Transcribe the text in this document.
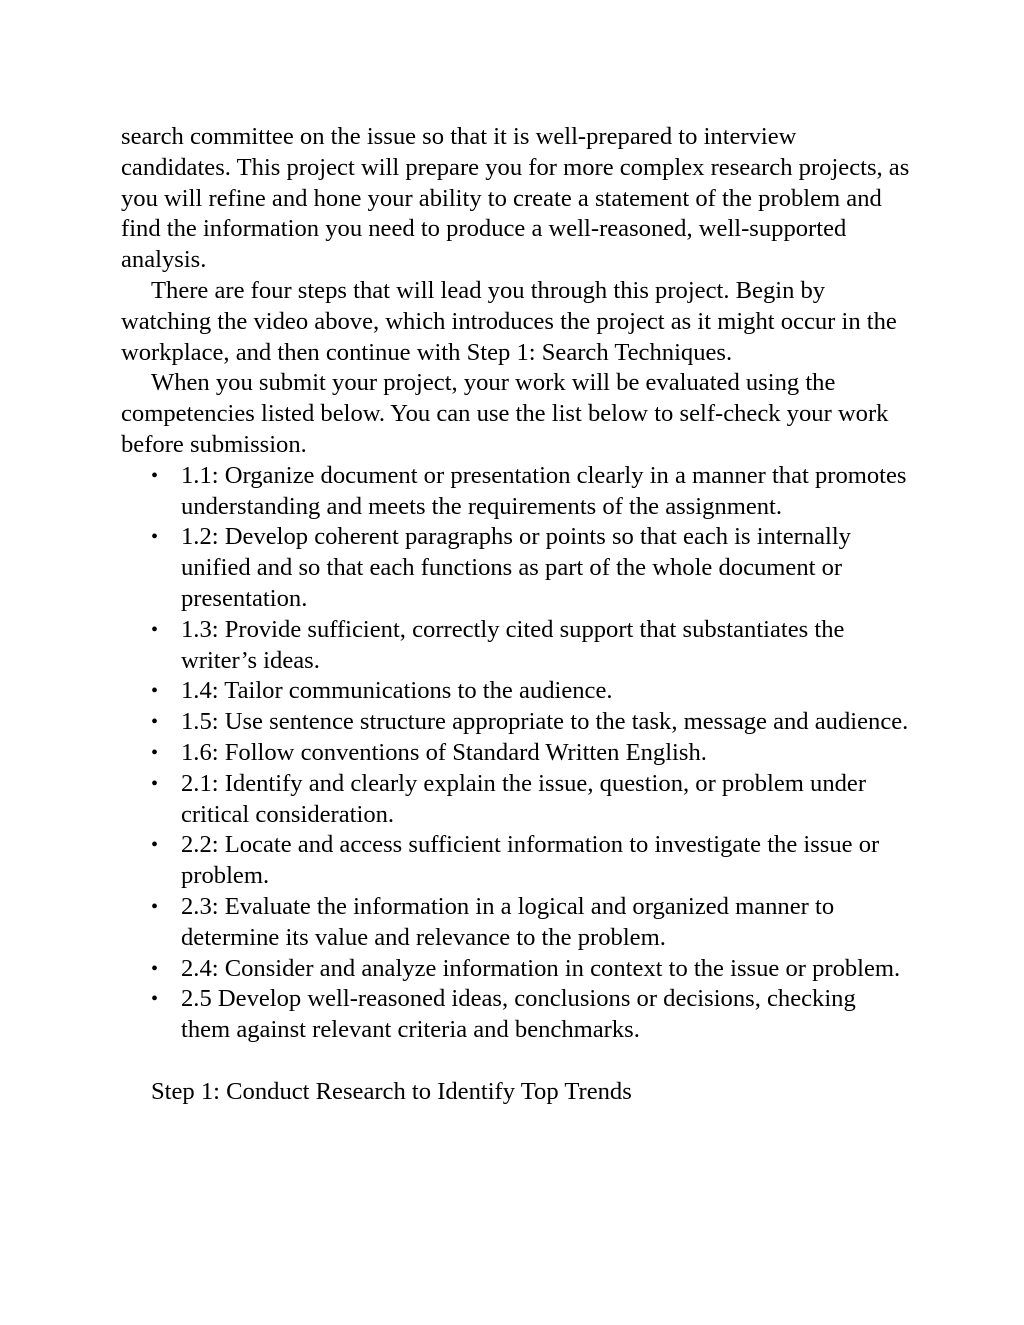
search committee on the issue so that it is well-prepared to interview candidates. This project will prepare you for more complex research projects, as you will refine and hone your ability to create a statement of the problem and find the information you need to produce a well-reasoned, well-supported analysis.

There are four steps that will lead you through this project. Begin by watching the video above, which introduces the project as it might occur in the workplace, and then continue with Step 1: Search Techniques.

When you submit your project, your work will be evaluated using the competencies listed below. You can use the list below to self-check your work before submission.

• 1.1: Organize document or presentation clearly in a manner that promotes understanding and meets the requirements of the assignment.
• 1.2: Develop coherent paragraphs or points so that each is internally unified and so that each functions as part of the whole document or presentation.
• 1.3: Provide sufficient, correctly cited support that substantiates the writer’s ideas.
• 1.4: Tailor communications to the audience.
• 1.5: Use sentence structure appropriate to the task, message and audience.
• 1.6: Follow conventions of Standard Written English.
• 2.1: Identify and clearly explain the issue, question, or problem under critical consideration.
• 2.2: Locate and access sufficient information to investigate the issue or problem.
• 2.3: Evaluate the information in a logical and organized manner to determine its value and relevance to the problem.
• 2.4: Consider and analyze information in context to the issue or problem.
• 2.5 Develop well-reasoned ideas, conclusions or decisions, checking them against relevant criteria and benchmarks.
Step 1: Conduct Research to Identify Top Trends
